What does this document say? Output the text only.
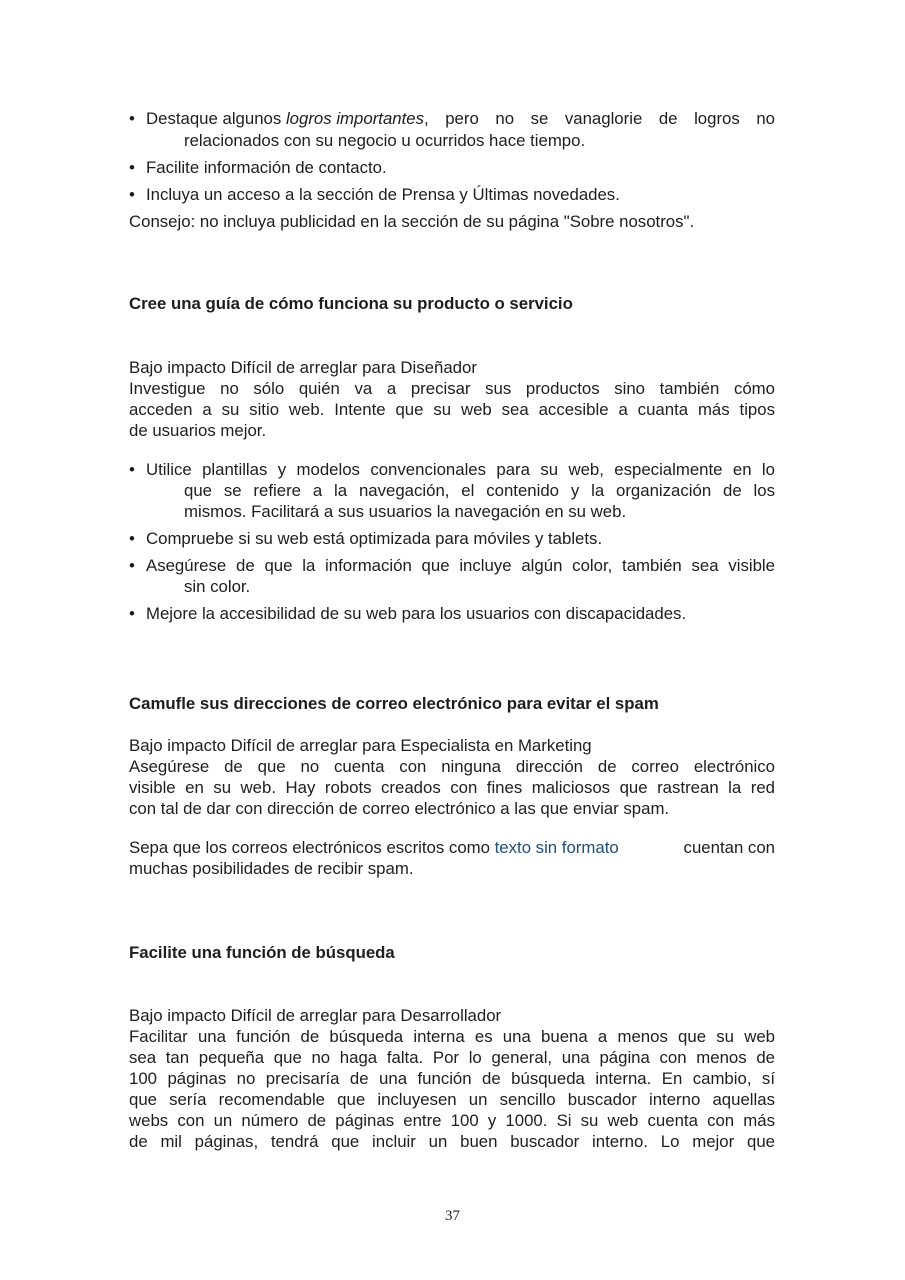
• Destaque algunos logros importantes , pero no se vanaglorie de logros no
relacionados con su negocio u ocurridos hace tiempo.
• Facilite información de contacto.
• Incluya un acceso a la sección de Prensa y Últimas novedades.
Consejo: no incluya publicidad en la sección de su página "Sobre nosotros".
Cree una guía de cómo funciona su producto o servicio
Bajo impacto Difícil de arreglar para Diseñador
Investigue no sólo quién va a precisar sus productos sino también cómo
acceden a su sitio web. Intente que su web sea accesible a cuanta más tipos
de usuarios mejor.
• Utilice plantillas y modelos convencionales para su web, especialmente en lo
que se refiere a la navegación, el contenido y la organización de los
mismos. Facilitará a sus usuarios la navegación en su web.
• Compruebe si su web está optimizada para móviles y tablets.
• Asegúrese de que la información que incluye algún color, también sea visible
sin color.
• Mejore la accesibilidad de su web para los usuarios con discapacidades.
Camufle sus direcciones de correo electrónico para evitar el spam
Bajo impacto Difícil de arreglar para Especialista en Marketing
Asegúrese de que no cuenta con ninguna dirección de correo electrónico
visible en su web. Hay robots creados con fines maliciosos que rastrean la red
con tal de dar con dirección de correo electrónico a las que enviar spam.
Sepa que los correos electrónicos escritos como texto sin formato	cuentan con
muchas posibilidades de recibir spam.
Facilite una función de búsqueda
Bajo impacto Difícil de arreglar para Desarrollador
Facilitar una función de búsqueda interna es una buena a menos que su web
sea tan pequeña que no haga falta. Por lo general, una página con menos de
100 páginas no precisaría de una función de búsqueda interna. En cambio, sí
que sería recomendable que incluyesen un sencillo buscador interno aquellas
webs con un número de páginas entre 100 y 1000. Si su web cuenta con más
de mil páginas, tendrá que incluir un buen buscador interno. Lo mejor que
37
